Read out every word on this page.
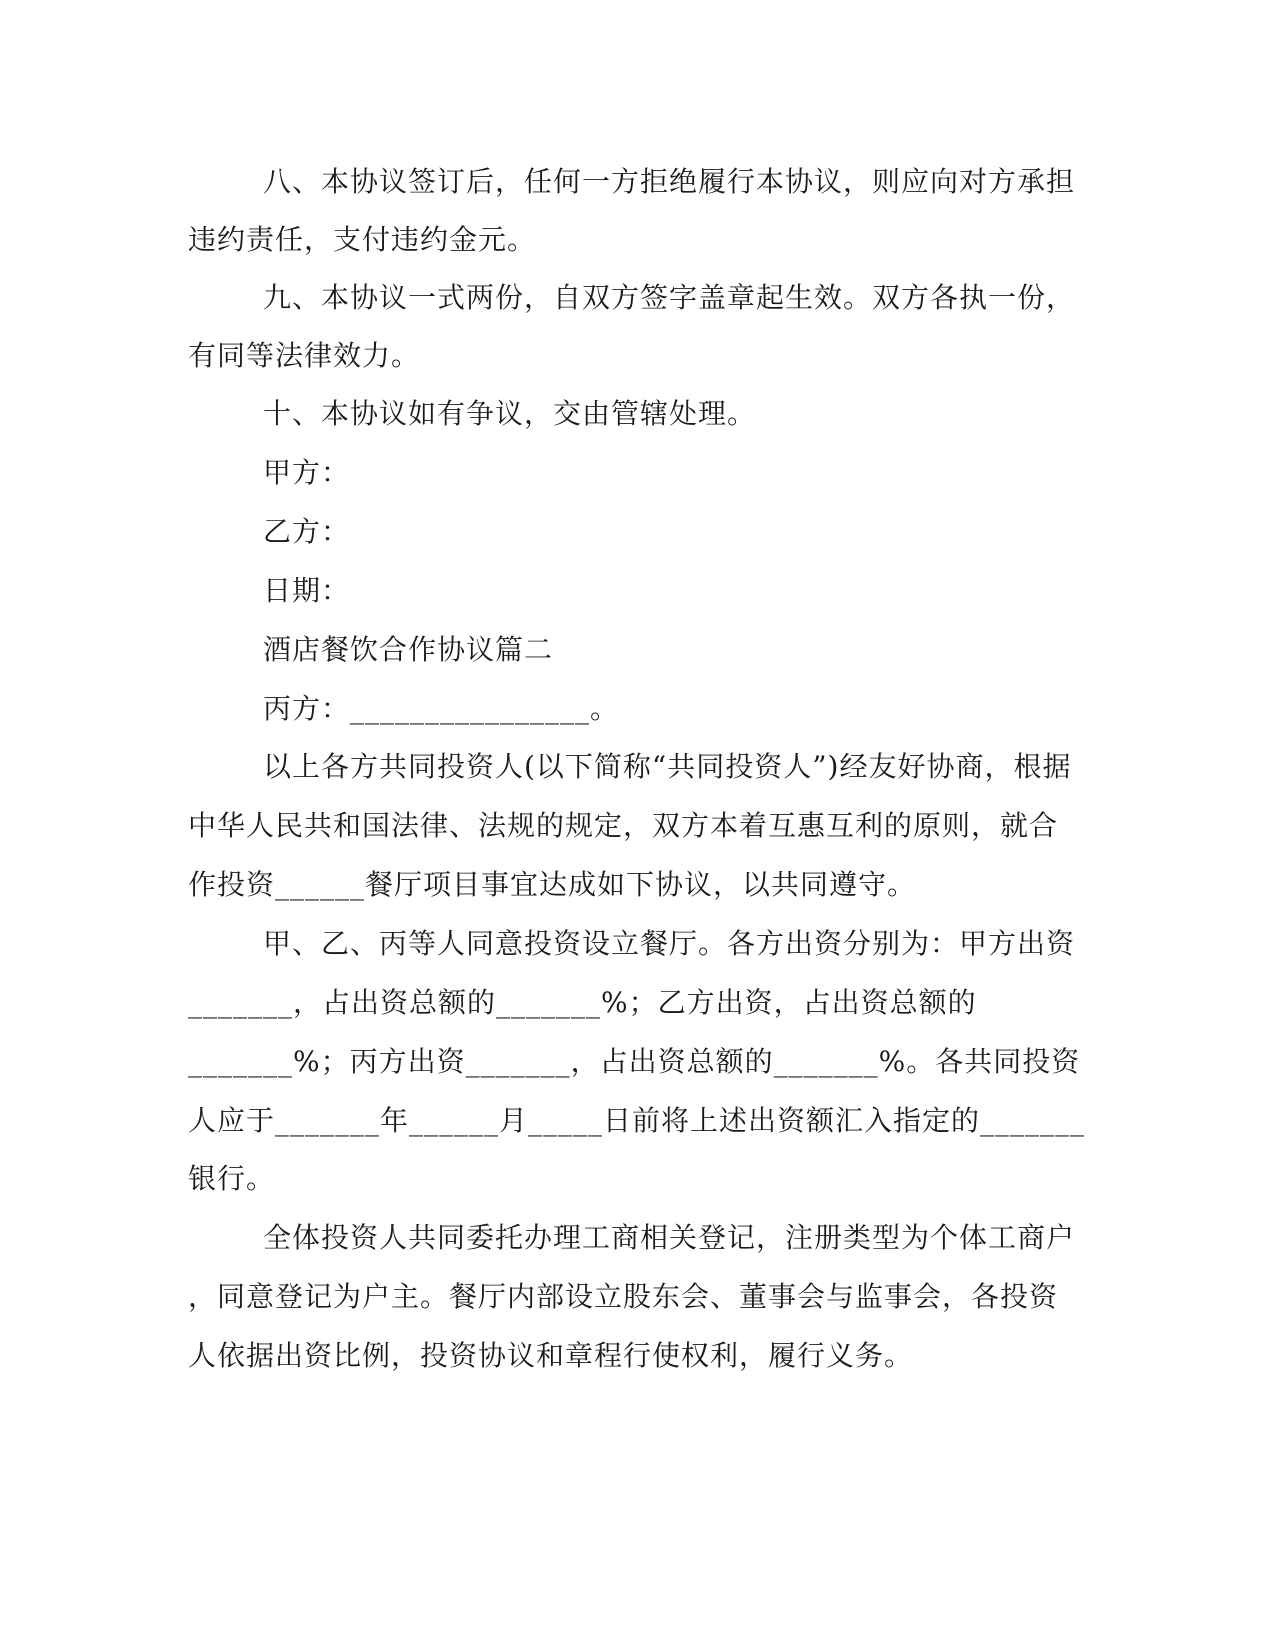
八、本协议签订后，任何一方拒绝履行本协议，则应向对方承担
违约责任，支付违约金元。
九、本协议一式两份，自双方签字盖章起生效。双方各执一份，
有同等法律效力。
十、本协议如有争议，交由管辖处理。
甲方：
乙方：
日期：
酒店餐饮合作协议篇二
丙方：________________。
以上各方共同投资人(以下简称“共同投资人”)经友好协商，根据
中华人民共和国法律、法规的规定，双方本着互惠互利的原则，就合
作投资______餐厅项目事宜达成如下协议，以共同遵守。
甲、乙、丙等人同意投资设立餐厅。各方出资分别为：甲方出资
_______，占出资总额的_______%；乙方出资，占出资总额的
_______%；丙方出资_______，占出资总额的_______%。各共同投资
人应于_______年______月_____日前将上述出资额汇入指定的_______
银行。
全体投资人共同委托办理工商相关登记，注册类型为个体工商户
，同意登记为户主。餐厅内部设立股东会、董事会与监事会，各投资
人依据出资比例，投资协议和章程行使权利，履行义务。
